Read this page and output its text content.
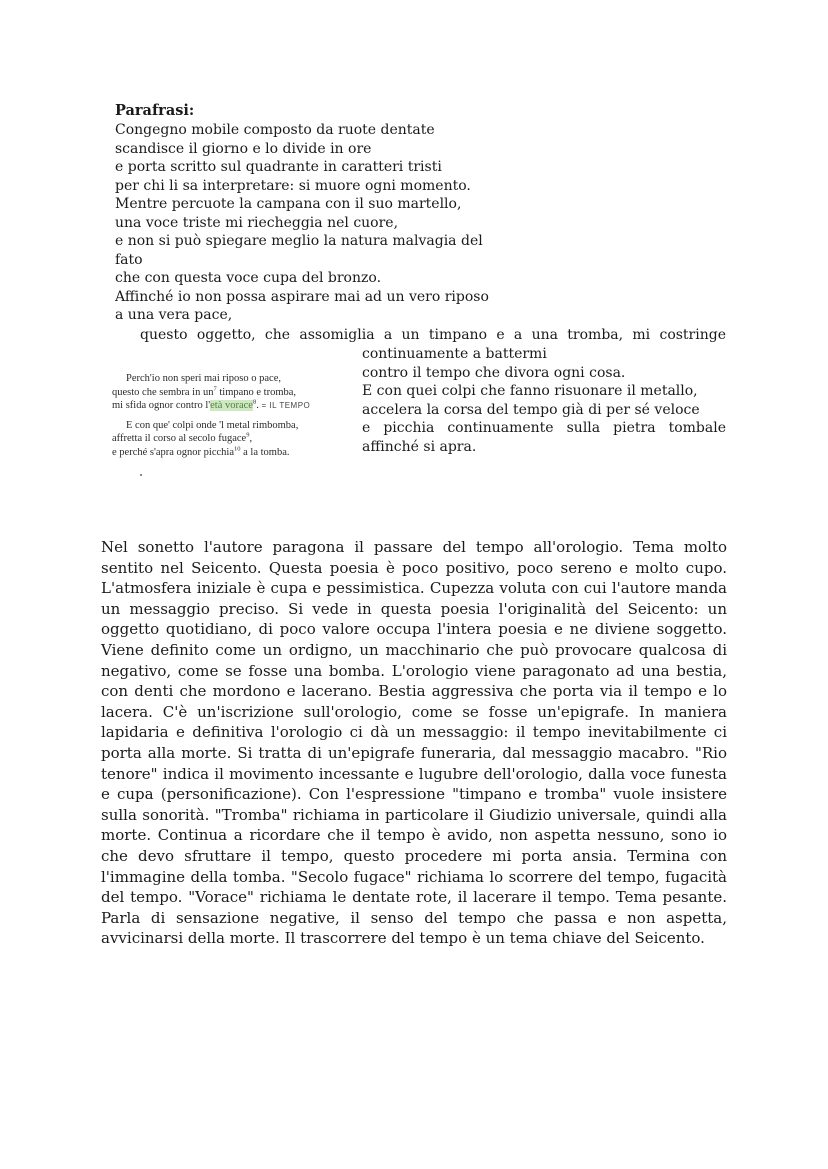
Parafrasi:
Congegno mobile composto da ruote dentate
scandisce il giorno e lo divide in ore
e porta scritto sul quadrante in caratteri tristi
per chi li sa interpretare: si muore ogni momento.
Mentre percuote la campana con il suo martello,
una voce triste mi riecheggia nel cuore,
e non si può spiegare meglio la natura malvagia del
fato
che con questa voce cupa del bronzo.
Affinché io non possa aspirare mai ad un vero riposo
a una vera pace,
questo oggetto, che assomiglia a un timpano e a una tromba, mi costringe
continuamente a battermi
contro il tempo che divora ogni cosa.
E con quei colpi che fanno risuonare il metallo,
accelera la corsa del tempo già di per sé veloce
e picchia continuamente sulla pietra tombale
affinché si apra.
Perch'io non speri mai riposo o pace,
questo che sembra in un$^7$ timpano e tromba,
mi sfida ognor contro l'età vorace$^8$. = IL TEMPO
E con que' colpi onde 'l metal rimbomba,
affretta il corso al secolo fugace$^9$,
e perché s'apra ognor picchia$^{10}$ a la tomba.

Nel sonetto l'autore paragona il passare del tempo all'orologio. Tema molto sentito nel Seicento. Questa poesia è poco positivo, poco sereno e molto cupo. L'atmosfera iniziale è cupa e pessimistica. Cupezza voluta con cui l'autore manda un messaggio preciso. Si vede in questa poesia l'originalità del Seicento: un oggetto quotidiano, di poco valore occupa l'intera poesia e ne diviene soggetto. Viene definito come un ordigno, un macchinario che può provocare qualcosa di negativo, come se fosse una bomba. L'orologio viene paragonato ad una bestia, con denti che mordono e lacerano. Bestia aggressiva che porta via il tempo e lo lacera. C'è un'iscrizione sull'orologio, come se fosse un'epigrafe. In maniera lapidaria e definitiva l'orologio ci dà un messaggio: il tempo inevitabilmente ci porta alla morte. Si tratta di un'epigrafe funeraria, dal messaggio macabro. "Rio tenore" indica il movimento incessante e lugubre dell'orologio, dalla voce funesta e cupa (personificazione). Con l'espressione "timpano e tromba" vuole insistere sulla sonorità. "Tromba" richiama in particolare il Giudizio universale, quindi alla morte. Continua a ricordare che il tempo è avido, non aspetta nessuno, sono io che devo sfruttare il tempo, questo procedere mi porta ansia. Termina con l'immagine della tomba. "Secolo fugace" richiama lo scorrere del tempo, fugacità del tempo. "Vorace" richiama le dentate rote, il lacerare il tempo. Tema pesante. Parla di sensazione negative, il senso del tempo che passa e non aspetta, avvicinarsi della morte. Il trascorrere del tempo è un tema chiave del Seicento.
